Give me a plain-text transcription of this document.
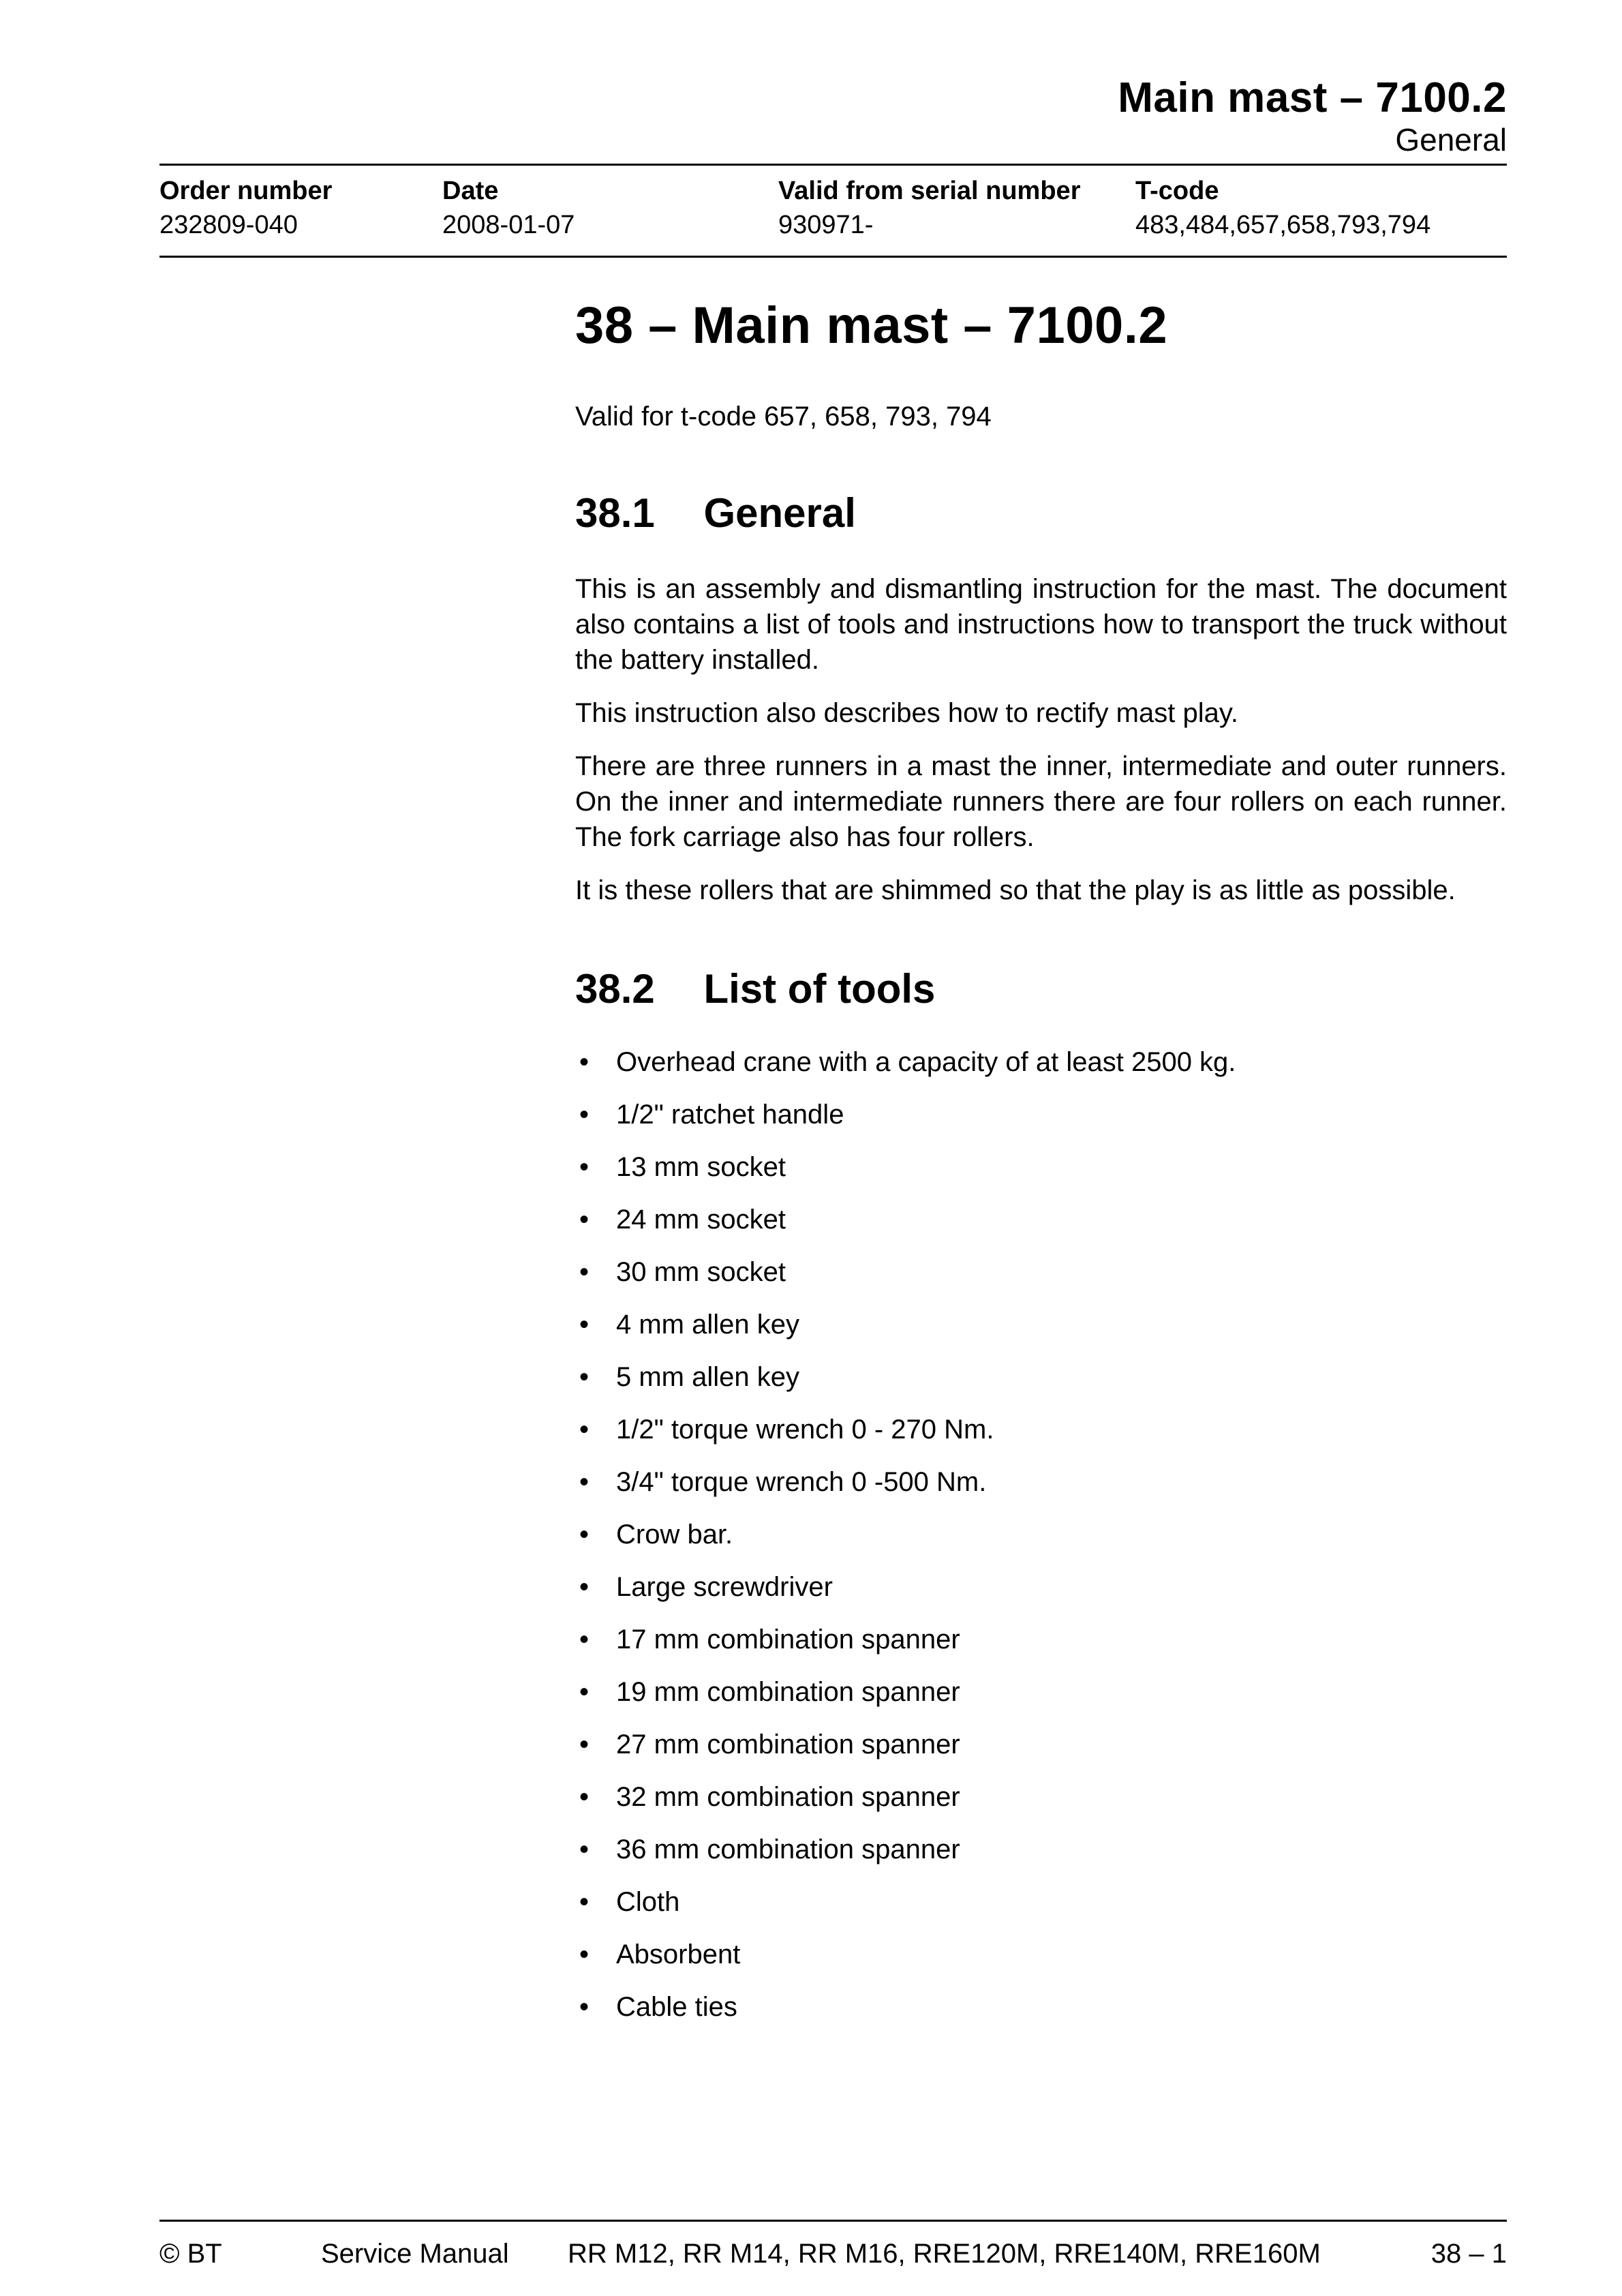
Main mast – 7100.2
General
Order number
232809-040
Date
2008-01-07
Valid from serial number
930971-
T-code
483,484,657,658,793,794
38 – Main mast – 7100.2

Valid for t-code 657, 658, 793, 794

38.1 General

This is an assembly and dismantling instruction for the mast. The document also contains a list of tools and instructions how to transport the truck without the battery installed.

This instruction also describes how to rectify mast play.

There are three runners in a mast the inner, intermediate and outer runners. On the inner and intermediate runners there are four rollers on each runner. The fork carriage also has four rollers.

It is these rollers that are shimmed so that the play is as little as possible.

38.2 List of tools
• Overhead crane with a capacity of at least 2500 kg.
• 1/2" ratchet handle
• 13 mm socket
• 24 mm socket
• 30 mm socket
• 4 mm allen key
• 5 mm allen key
• 1/2" torque wrench 0 - 270 Nm.
• 3/4" torque wrench 0 -500 Nm.
• Crow bar.
• Large screwdriver
• 17 mm combination spanner
• 19 mm combination spanner
• 27 mm combination spanner
• 32 mm combination spanner
• 36 mm combination spanner
• Cloth
• Absorbent
• Cable ties
© BT	Service Manual RR M12, RR M14, RR M16, RRE120M, RRE140M, RRE160M	38 – 1
